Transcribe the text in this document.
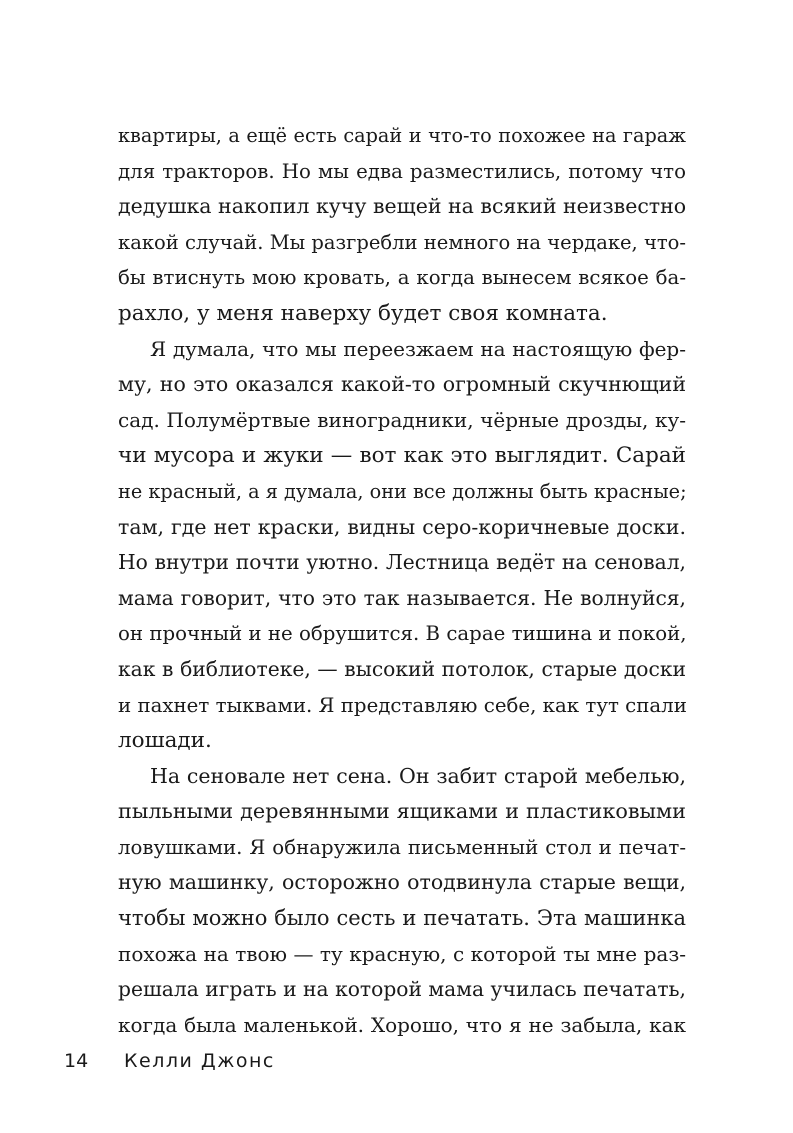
квартиры, а ещё есть сарай и что-то похожее на гараж
для тракторов. Но мы едва разместились, потому что
дедушка накопил кучу вещей на всякий неизвестно
какой случай. Мы разгребли немного на чердаке, что-
бы втиснуть мою кровать, а когда вынесем всякое ба-
рахло, у меня наверху будет своя комната.
Я думала, что мы переезжаем на настоящую фер-
му, но это оказался какой-то огромный скучнющий
сад. Полумёртвые виноградники, чёрные дрозды, ку-
чи мусора и жуки — вот как это выглядит. Сарай
не красный, а я думала, они все должны быть красные;
там, где нет краски, видны серо-коричневые доски.
Но внутри почти уютно. Лестница ведёт на сеновал,
мама говорит, что это так называется. Не волнуйся,
он прочный и не обрушится. В сарае тишина и покой,
как в библиотеке, — высокий потолок, старые доски
и пахнет тыквами. Я представляю себе, как тут спали
лошади.
На сеновале нет сена. Он забит старой мебелью,
пыльными деревянными ящиками и пластиковыми
ловушками. Я обнаружила письменный стол и печат-
ную машинку, осторожно отодвинула старые вещи,
чтобы можно было сесть и печатать. Эта машинка
похожа на твою — ту красную, с которой ты мне раз-
решала играть и на которой мама училась печатать,
когда была маленькой. Хорошо, что я не забыла, как
14 Келли Джонс
